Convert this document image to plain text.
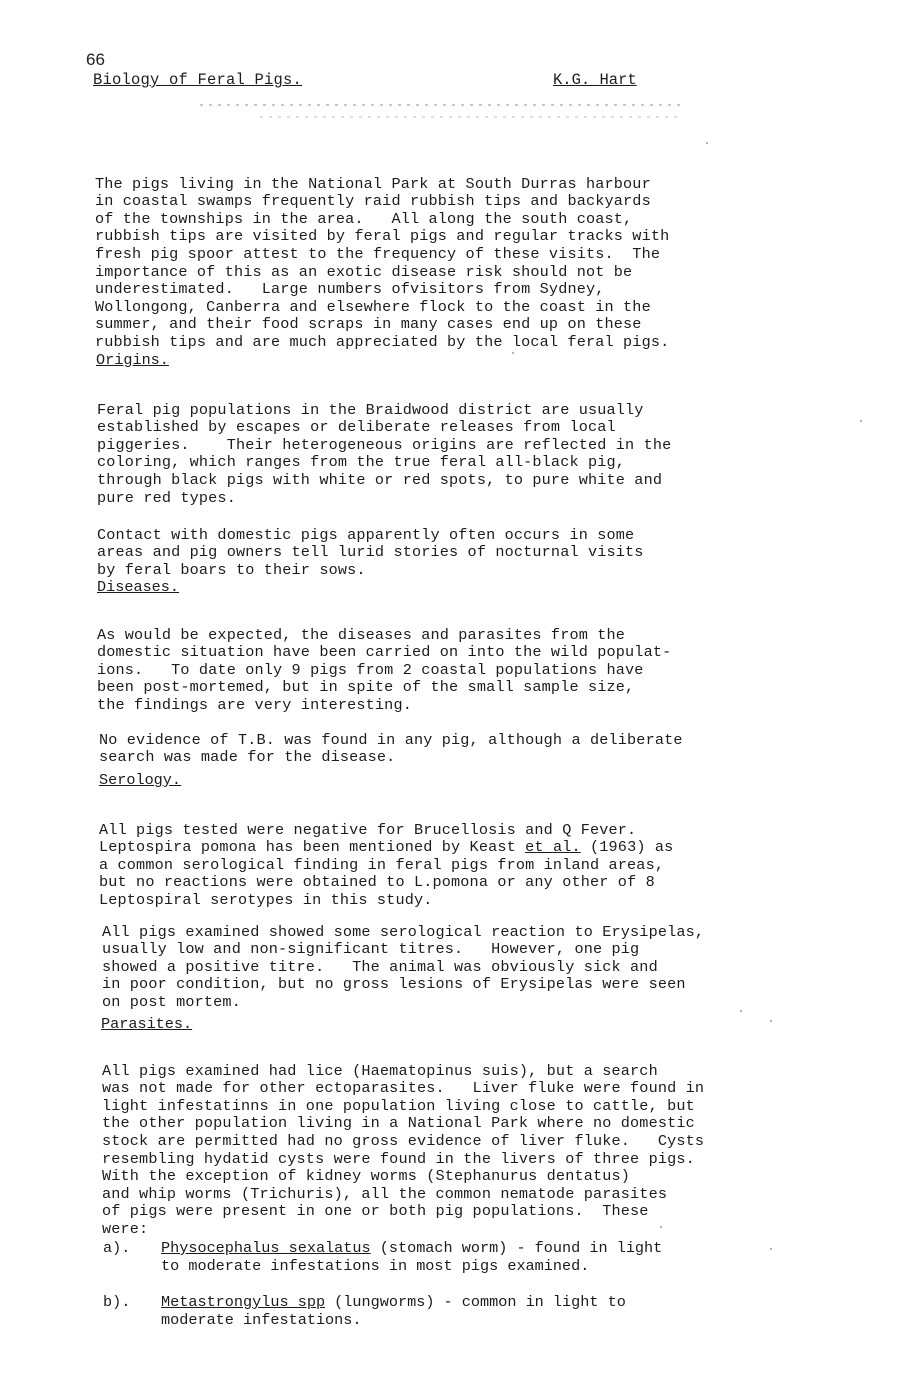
66
Biology of Feral Pigs.	K.G. Hart

The pigs living in the National Park at South Durras harbour
in coastal swamps frequently raid rubbish tips and backyards
of the townships in the area.   All along the south coast,
rubbish tips are visited by feral pigs and regular tracks with
fresh pig spoor attest to the frequency of these visits.  The
importance of this as an exotic disease risk should not be
underestimated.   Large numbers ofvisitors from Sydney,
Wollongong, Canberra and elsewhere flock to the coast in the
summer, and their food scraps in many cases end up on these
rubbish tips and are much appreciated by the local feral pigs.

Origins.

Feral pig populations in the Braidwood district are usually
established by escapes or deliberate releases from local
piggeries.    Their heterogeneous origins are reflected in the
coloring, which ranges from the true feral all-black pig,
through black pigs with white or red spots, to pure white and
pure red types.

Contact with domestic pigs apparently often occurs in some
areas and pig owners tell lurid stories of nocturnal visits
by feral boars to their sows.

Diseases.

As would be expected, the diseases and parasites from the
domestic situation have been carried on into the wild populat-
ions.   To date only 9 pigs from 2 coastal populations have
been post-mortemed, but in spite of the small sample size,
the findings are very interesting.

No evidence of T.B. was found in any pig, although a deliberate
search was made for the disease.

Serology.

All pigs tested were negative for Brucellosis and Q Fever.
Leptospira pomona has been mentioned by Keast et al. (1963) as
a common serological finding in feral pigs from inland areas,
but no reactions were obtained to L.pomona or any other of 8
Leptospiral serotypes in this study.

All pigs examined showed some serological reaction to Erysipelas,
usually low and non-significant titres.   However, one pig
showed a positive titre.   The animal was obviously sick and
in poor condition, but no gross lesions of Erysipelas were seen
on post mortem.

Parasites.

All pigs examined had lice (Haematopinus suis), but a search
was not made for other ectoparasites.   Liver fluke were found in
light infestatinns in one population living close to cattle, but
the other population living in a National Park where no domestic
stock are permitted had no gross evidence of liver fluke.   Cysts
resembling hydatid cysts were found in the livers of three pigs.
With the exception of kidney worms (Stephanurus dentatus)
and whip worms (Trichuris), all the common nematode parasites
of pigs were present in one or both pig populations.  These
were:

a). Physocephalus sexalatus (stomach worm) - found in light
to moderate infestations in most pigs examined.
b). Metastrongylus spp (lungworms) - common in light to
moderate infestations.
